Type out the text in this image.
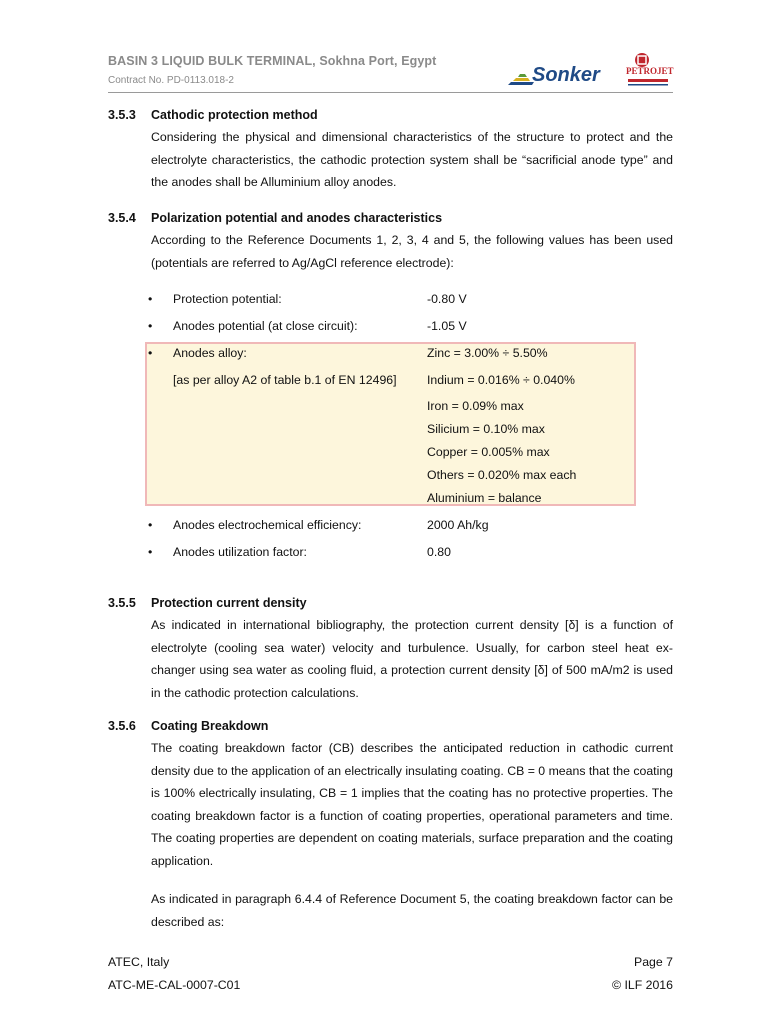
BASIN 3 LIQUID BULK TERMINAL, Sokhna Port, Egypt
Contract No. PD-0113.018-2	Sonker	PETROJET
3.5.3 Cathodic protection method
Considering the physical and dimensional characteristics of the structure to protect and the electrolyte characteristics, the cathodic protection system shall be “sacrificial anode type” and the anodes shall be Alluminium alloy anodes.
3.5.4 Polarization potential and anodes characteristics
According to the Reference Documents 1, 2, 3, 4 and 5, the following values has been used (potentials are referred to Ag/AgCl reference electrode):
• Protection potential:	-0.80 V
• Anodes potential (at close circuit):	-1.05 V
• Anodes alloy:	Zinc = 3.00% ÷ 5.50%
[as per alloy A2 of table b.1 of EN 12496] Indium = 0.016% ÷ 0.040%
Iron = 0.09% max
Silicium = 0.10% max
Copper = 0.005% max
Others = 0.020% max each
Aluminium = balance
• Anodes electrochemical efficiency:	2000 Ah/kg
• Anodes utilization factor:	0.80
3.5.5 Protection current density
As indicated in international bibliography, the protection current density [δ] is a function of electrolyte (cooling sea water) velocity and turbulence. Usually, for carbon steel heat ex-changer using sea water as cooling fluid, a protection current density [δ] of 500 mA/m2 is used in the cathodic protection calculations.
3.5.6 Coating Breakdown
The coating breakdown factor (CB) describes the anticipated reduction in cathodic current density due to the application of an electrically insulating coating. CB = 0 means that the coating is 100% electrically insulating, CB = 1 implies that the coating has no protective properties. The coating breakdown factor is a function of coating properties, operational parameters and time. The coating properties are dependent on coating materials, surface preparation and the coating application.
As indicated in paragraph 6.4.4 of Reference Document 5, the coating breakdown factor can be described as:
ATEC, Italy	Page 7
ATC-ME-CAL-0007-C01	© ILF 2016
